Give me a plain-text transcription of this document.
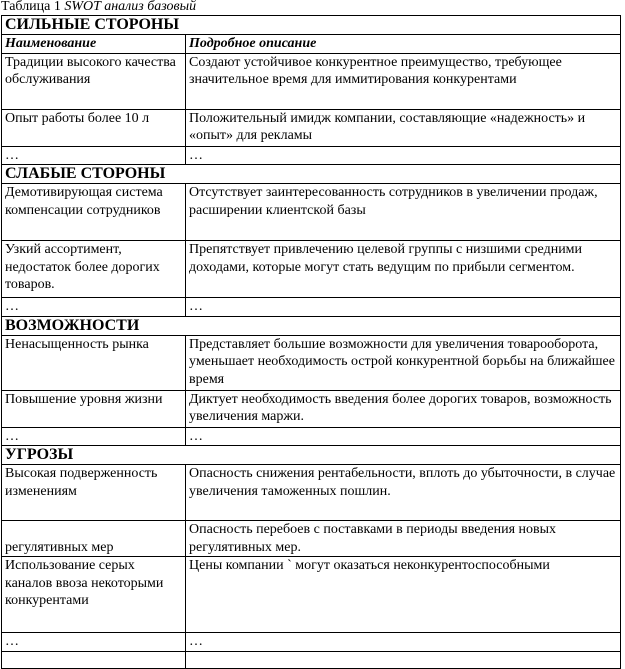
Таблица 1 SWOT анализ базовый
СИЛЬНЫЕ СТОРОНЫ	
Наименование	Подробное описание
Традиции высокого качества обслуживания	Создают устойчивое конкурентное преимущество, требующее значительное время для иммитирования конкурентами
Опыт работы более 10 л	Положительный имидж компании, составляющие «надежность» и «опыт» для рекламы
…	…
СЛАБЫЕ СТОРОНЫ	
Демотивирующая система компенсации сотрудников	Отсутствует заинтересованность сотрудников в увеличении продаж, расширении клиентской базы
Узкий ассортимент, недостаток более дорогих товаров.	Препятствует привлечению целевой группы с низшими средними доходами, которые могут стать ведущим по прибыли сегментом.
…	…
ВОЗМОЖНОСТИ	
Ненасыщенность рынка	Представляет большие возможности для увеличения товарооборота, уменьшает необходимость острой конкурентной борьбы на ближайшее время
Повышение уровня жизни	Диктует необходимость введения более дорогих товаров, возможность увеличения маржи.
…	…
УГРОЗЫ	
Высокая подверженность изменениям	Опасность снижения рентабельности, вплоть до убыточности, в случае увеличения таможенных пошлин.
регулятивных мер	Опасность перебоев с поставками в периоды введения новых
регулятивных мер.

Использование серых каналов ввоза некоторыми конкурентами	Цены компании ` могут оказаться неконкурентоспособными
…	…
